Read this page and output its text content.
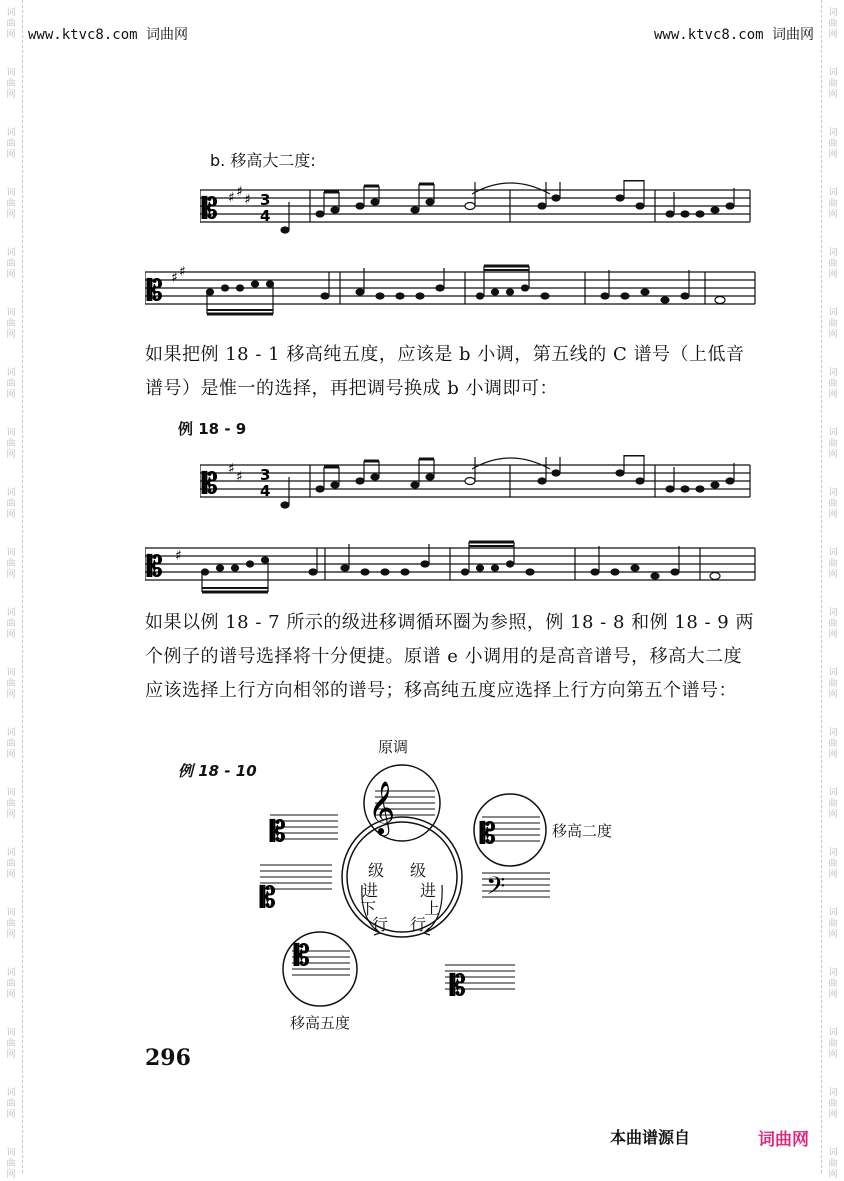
词
曲
网
词
曲
网
词
曲
网
词
曲
网
词
曲
网
词
曲
网
词
曲
网
词
曲
网
词
曲
网
词
曲
网
词
曲
网
词
曲
网
词
曲
网
词
曲
网
词
曲
网
词
曲
网
词
曲
网
词
曲
网
词
曲
网
词
曲
网
词
曲
网
词
曲
网
词
曲
网
词
曲
网
词
曲
网
词
曲
网
词
曲
网
词
曲
网
词
曲
网
词
曲
网
词
曲
网
词
曲
网
词
曲
网
词
曲
网
词
曲
网
词
曲
网
词
曲
网
词
曲
网
词
曲
网
词
曲
网
www.ktvc8.com 词曲网	www.ktvc8.com 词曲网
b. 移高大二度:
𝄡 ♯ ♯ ♯ 3
4
𝄡 ♯ ♯
如果把例 18 - 1 移高纯五度，应该是 b 小调，第五线的 C 谱号（上低音谱号）是惟一的选择，再把调号换成 b 小调即可：
例 18 - 9
𝄡 ♯ ♯ 3
4
𝄡 ♯
如果以例 18 - 7 所示的级进移调循环圈为参照，例 18 - 8 和例 18 - 9 两个例子的谱号选择将十分便捷。原谱 e 小调用的是高音谱号，移高大二度应该选择上行方向相邻的谱号；移高纯五度应选择上行方向第五个谱号：
例 18 - 10
原调
移高二度
移高五度
𝄞	𝄡
𝄡
𝄡	𝄢
𝄡
𝄡
级
进
下
行
级
进
上
行
296
本曲谱源自	词曲网
